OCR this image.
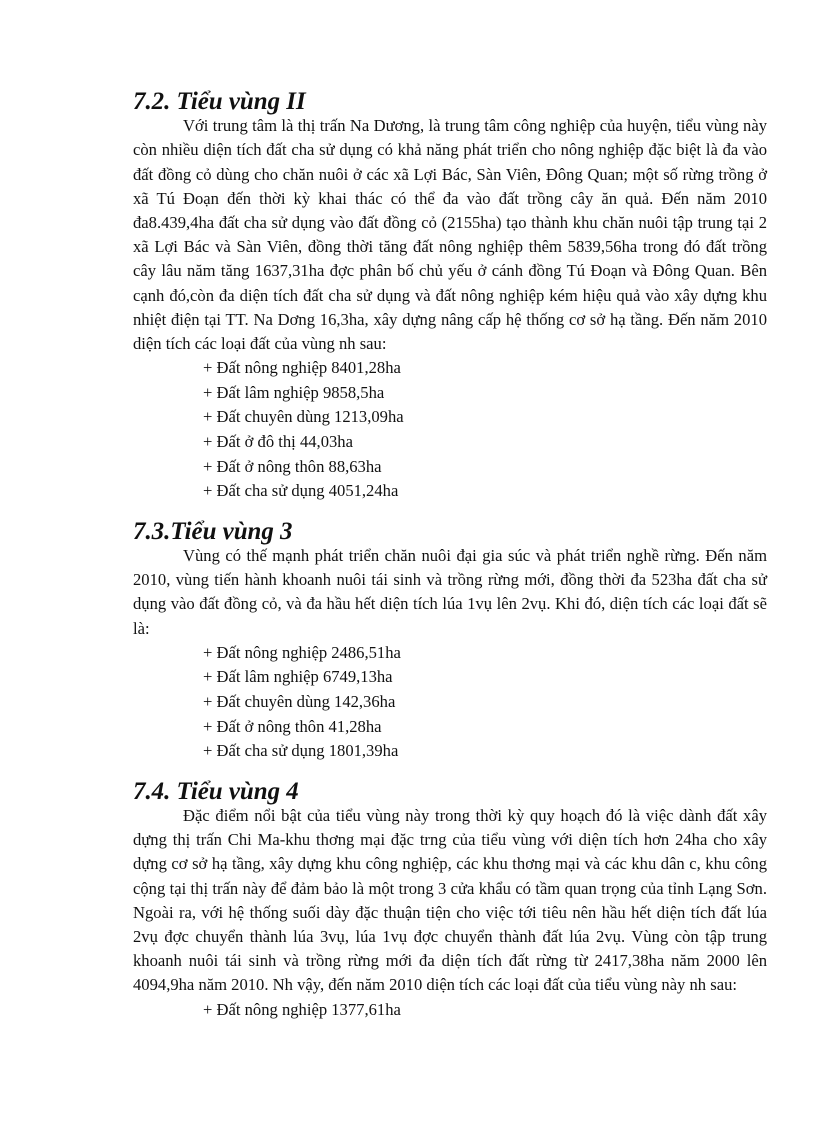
7.2. Tiểu vùng II

Với trung tâm là thị trấn Na Dương, là trung tâm công nghiệp của huyện, tiểu vùng này còn nhiều diện tích đất cha sử dụng có khả năng phát triển cho nông nghiệp đặc biệt là đa vào đất đồng cỏ dùng cho chăn nuôi ở các xã Lợi Bác, Sàn Viên, Đông Quan; một số rừng trồng ở xã Tú Đoạn đến thời kỳ khai thác có thể đa vào đất trồng cây ăn quả. Đến năm 2010 đa8.439,4ha đất cha sử dụng vào đất đồng cỏ (2155ha) tạo thành khu chăn nuôi tập trung tại 2 xã Lợi Bác và Sàn Viên, đồng thời tăng đất nông nghiệp thêm 5839,56ha trong đó đất trồng cây lâu năm tăng 1637,31ha đợc phân bố chủ yếu ở cánh đồng Tú Đoạn và Đông Quan. Bên cạnh đó,còn đa diện tích đất cha sử dụng và đất nông nghiệp kém hiệu quả vào xây dựng khu nhiệt điện tại TT. Na Dơng 16,3ha, xây dựng nâng cấp hệ thống cơ sở hạ tầng. Đến năm 2010 diện tích các loại đất của vùng nh sau:

+ Đất nông nghiệp 8401,28ha
+ Đất lâm nghiệp 9858,5ha
+ Đất chuyên dùng 1213,09ha
+ Đất ở đô thị 44,03ha
+ Đất ở nông thôn 88,63ha
+ Đất cha sử dụng 4051,24ha
7.3.Tiểu vùng 3

Vùng có thế mạnh phát triển chăn nuôi đại gia súc và phát triển nghề rừng. Đến năm 2010, vùng tiến hành khoanh nuôi tái sinh và trồng rừng mới, đồng thời đa 523ha đất cha sử dụng vào đất đồng cỏ, và đa hầu hết diện tích lúa 1vụ lên 2vụ. Khi đó, diện tích các loại đất sẽ là:

+ Đất nông nghiệp 2486,51ha
+ Đất lâm nghiệp 6749,13ha
+ Đất chuyên dùng 142,36ha
+ Đất ở nông thôn 41,28ha
+ Đất cha sử dụng 1801,39ha
7.4. Tiểu vùng 4

Đặc điểm nổi bật của tiểu vùng này trong thời kỳ quy hoạch đó là việc dành đất xây dựng thị trấn Chi Ma-khu thơng mại đặc trng của tiểu vùng với diện tích hơn 24ha cho xây dựng cơ sở hạ tầng, xây dựng khu công nghiệp, các khu thơng mại và các khu dân c, khu công cộng tại thị trấn này để đảm bảo là một trong 3 cửa khẩu có tầm quan trọng của tỉnh Lạng Sơn. Ngoài ra, với hệ thống suối dày đặc thuận tiện cho việc tới tiêu nên hầu hết diện tích đất lúa 2vụ đợc chuyển thành lúa 3vụ, lúa 1vụ đợc chuyển thành đất lúa 2vụ. Vùng còn tập trung khoanh nuôi tái sinh và trồng rừng mới đa diện tích đất rừng từ 2417,38ha năm 2000 lên 4094,9ha năm 2010. Nh vậy, đến năm 2010 diện tích các loại đất của tiểu vùng này nh sau:

+ Đất nông nghiệp 1377,61ha
